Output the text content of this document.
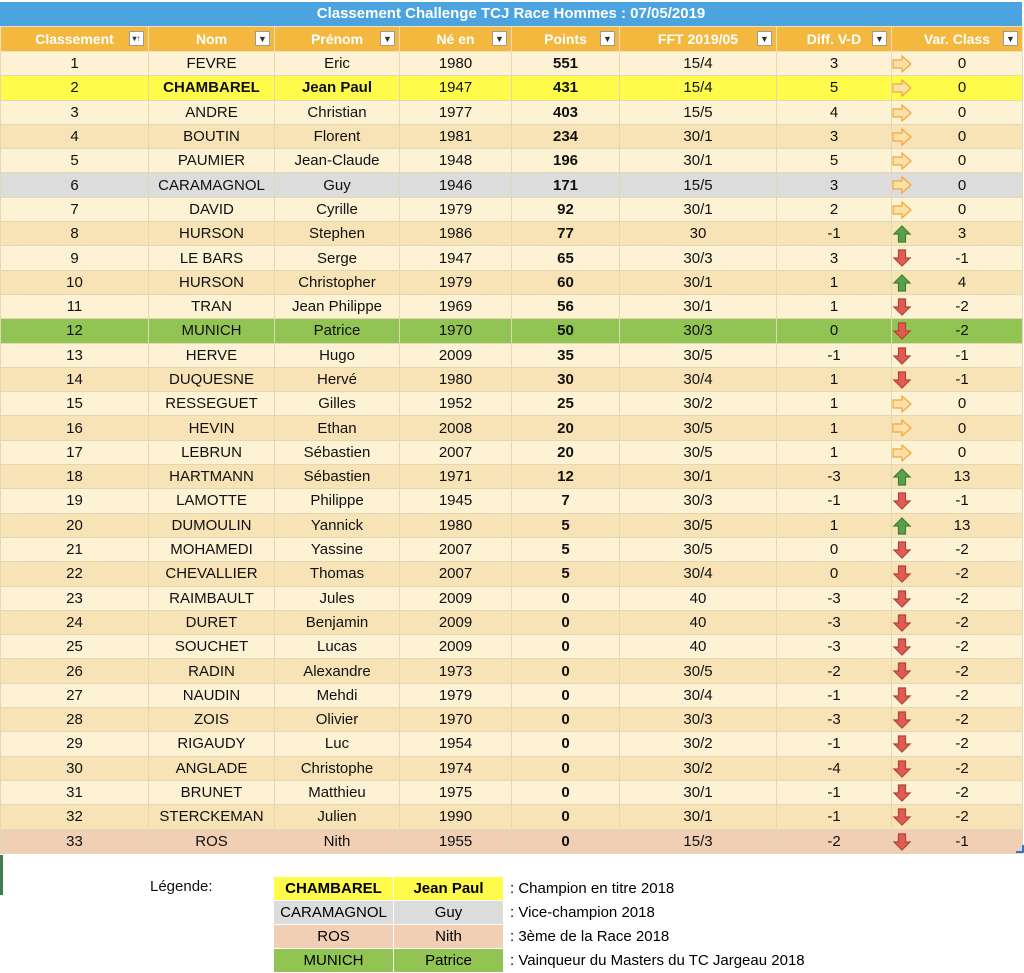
Classement Challenge TCJ Race Hommes : 07/05/2019
Classement ▾↑	Nom ▼	Prénom ▼	Né en ▼	Points ▼	FFT 2019/05 ▼	Diff. V-D ▼	Var. Class ▼

1	FEVRE	Eric	1980	551	15/4	3	0
2	CHAMBAREL	Jean Paul	1947	431	15/4	5	0
3	ANDRE	Christian	1977	403	15/5	4	0
4	BOUTIN	Florent	1981	234	30/1	3	0
5	PAUMIER	Jean-Claude	1948	196	30/1	5	0
6	CARAMAGNOL	Guy	1946	171	15/5	3	0
7	DAVID	Cyrille	1979	92	30/1	2	0
8	HURSON	Stephen	1986	77	30	-1	3
9	LE BARS	Serge	1947	65	30/3	3	-1
10	HURSON	Christopher	1979	60	30/1	1	4
11	TRAN	Jean Philippe	1969	56	30/1	1	-2
12	MUNICH	Patrice	1970	50	30/3	0	-2
13	HERVE	Hugo	2009	35	30/5	-1	-1
14	DUQUESNE	Hervé	1980	30	30/4	1	-1
15	RESSEGUET	Gilles	1952	25	30/2	1	0
16	HEVIN	Ethan	2008	20	30/5	1	0
17	LEBRUN	Sébastien	2007	20	30/5	1	0
18	HARTMANN	Sébastien	1971	12	30/1	-3	13
19	LAMOTTE	Philippe	1945	7	30/3	-1	-1
20	DUMOULIN	Yannick	1980	5	30/5	1	13
21	MOHAMEDI	Yassine	2007	5	30/5	0	-2
22	CHEVALLIER	Thomas	2007	5	30/4	0	-2
23	RAIMBAULT	Jules	2009	0	40	-3	-2
24	DURET	Benjamin	2009	0	40	-3	-2
25	SOUCHET	Lucas	2009	0	40	-3	-2
26	RADIN	Alexandre	1973	0	30/5	-2	-2
27	NAUDIN	Mehdi	1979	0	30/4	-1	-2
28	ZOIS	Olivier	1970	0	30/3	-3	-2
29	RIGAUDY	Luc	1954	0	30/2	-1	-2
30	ANGLADE	Christophe	1974	0	30/2	-4	-2
31	BRUNET	Matthieu	1975	0	30/1	-1	-2
32	STERCKEMAN	Julien	1990	0	30/1	-1	-2
33	ROS	Nith	1955	0	15/3	-2	-1
Légende:	CHAMBAREL	Jean Paul	: Champion en titre 2018
CARAMAGNOL	Guy	: Vice-champion 2018
ROS	Nith	: 3ème de la Race 2018
MUNICH	Patrice	: Vainqueur du Masters du TC Jargeau 2018
